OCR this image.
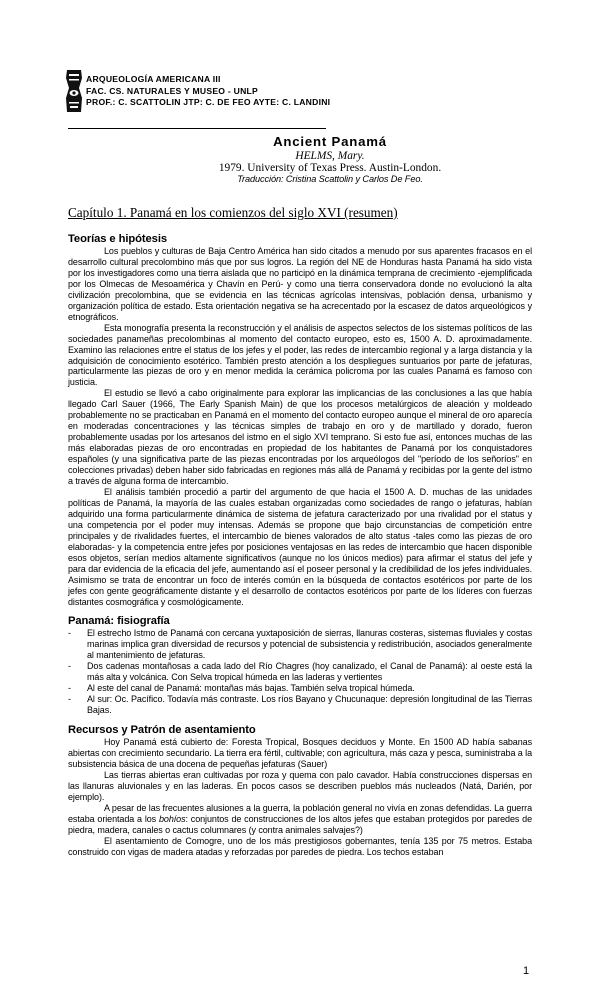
ARQUEOLOGÍA AMERICANA III
FAC. CS. NATURALES Y MUSEO - UNLP
PROF.: C. SCATTOLIN JTP: C. DE FEO AYTE: C. LANDINI
Ancient Panamá
HELMS, Mary.
1979. University of Texas Press. Austin-London.
Traducción: Cristina Scattolin y Carlos De Feo.
Capítulo 1. Panamá en los comienzos del siglo XVI (resumen)
Teorías e hipótesis

Los pueblos y culturas de Baja Centro América han sido citados a menudo por sus aparentes fracasos en el desarrollo cultural precolombino más que por sus logros. La región del NE de Honduras hasta Panamá ha sido vista por los investigadores como una tierra aislada que no participó en la dinámica temprana de crecimiento -ejemplificada por los Olmecas de Mesoamérica y Chavín en Perú- y como una tierra conservadora donde no evolucionó la alta civilización precolombina, que se evidencia en las técnicas agrícolas intensivas, población densa, urbanismo y organización política de estado. Esta orientación negativa se ha acrecentado por la escasez de datos arqueológicos y etnográficos.

Esta monografía presenta la reconstrucción y el análisis de aspectos selectos de los sistemas políticos de las sociedades panameñas precolombinas al momento del contacto europeo, esto es, 1500 A. D. aproximadamente. Examino las relaciones entre el status de los jefes y el poder, las redes de intercambio regional y a larga distancia y la adquisición de conocimiento esotérico. También presto atención a los despliegues suntuarios por parte de jefaturas, particularmente las piezas de oro y en menor medida la cerámica policroma por las cuales Panamá es famoso con justicia.

El estudio se llevó a cabo originalmente para explorar las implicancias de las conclusiones a las que había llegado Carl Sauer (1966, The Early Spanish Main) de que los procesos metalúrgicos de aleación y moldeado probablemente no se practicaban en Panamá en el momento del contacto europeo aunque el mineral de oro aparecía en moderadas concentraciones y las técnicas simples de trabajo en oro y de martillado y dorado, fueron probablemente usadas por los artesanos del istmo en el siglo XVI temprano. Si esto fue así, entonces muchas de las más elaboradas piezas de oro encontradas en propiedad de los habitantes de Panamá por los conquistadores españoles (y una significativa parte de las piezas encontradas por los arqueólogos del "período de los señoríos" en colecciones privadas) deben haber sido fabricadas en regiones más allá de Panamá y recibidas por la gente del istmo a través de alguna forma de intercambio.

El análisis también procedió a partir del argumento de que hacia el 1500 A. D. muchas de las unidades políticas de Panamá, la mayoría de las cuales estaban organizadas como sociedades de rango o jefaturas, habían adquirido una forma particularmente dinámica de sistema de jefatura caracterizado por una rivalidad por el status y una competencia por el poder muy intensas. Además se propone que bajo circunstancias de competición entre principales y de rivalidades fuertes, el intercambio de bienes valorados de alto status -tales como las piezas de oro elaboradas- y la competencia entre jefes por posiciones ventajosas en las redes de intercambio que hacen disponible esos objetos, serían medios altamente significativos (aunque no los únicos medios) para afirmar el status del jefe y para dar evidencia de la eficacia del jefe, aumentando así el poseer personal y la credibilidad de los jefes individuales. Asimismo se trata de encontrar un foco de interés común en la búsqueda de contactos esotéricos por parte de los jefes con gente geográficamente distante y el desarrollo de contactos esotéricos por parte de los líderes con fuerzas distantes cosmográfica y cosmológicamente.

Panamá: fisiografía
- El estrecho Istmo de Panamá con cercana yuxtaposición de sierras, llanuras costeras, sistemas fluviales y costas marinas implica gran diversidad de recursos y potencial de subsistencia y redistribución, asociados generalmente al mantenimiento de jefaturas.
- Dos cadenas montañosas a cada lado del Río Chagres (hoy canalizado, el Canal de Panamá): al oeste está la más alta y volcánica. Con Selva tropical húmeda en las laderas y vertientes
- Al este del canal de Panamá: montañas más bajas. También selva tropical húmeda.
- Al sur: Oc. Pacífico. Todavía más contraste. Los ríos Bayano y Chucunaque: depresión longitudinal de las Tierras Bajas.
Recursos y Patrón de asentamiento

Hoy Panamá está cubierto de: Foresta Tropical, Bosques deciduos y Monte. En 1500 AD había sabanas abiertas con crecimiento secundario. La tierra era fértil, cultivable; con agricultura, más caza y pesca, suministraba a la subsistencia básica de una docena de pequeñas jefaturas (Sauer)

Las tierras abiertas eran cultivadas por roza y quema con palo cavador. Había construcciones dispersas en las llanuras aluvionales y en las laderas. En pocos casos se describen pueblos más nucleados (Natá, Darién, por ejemplo).

A pesar de las frecuentes alusiones a la guerra, la población general no vivía en zonas defendidas. La guerra estaba orientada a los bohíos: conjuntos de construcciones de los altos jefes que estaban protegidos por paredes de piedra, madera, canales o cactus columnares (y contra animales salvajes?)

El asentamiento de Comogre, uno de los más prestigiosos gobernantes, tenía 135 por 75 metros. Estaba construido con vigas de madera atadas y reforzadas por paredes de piedra. Los techos estaban

1
